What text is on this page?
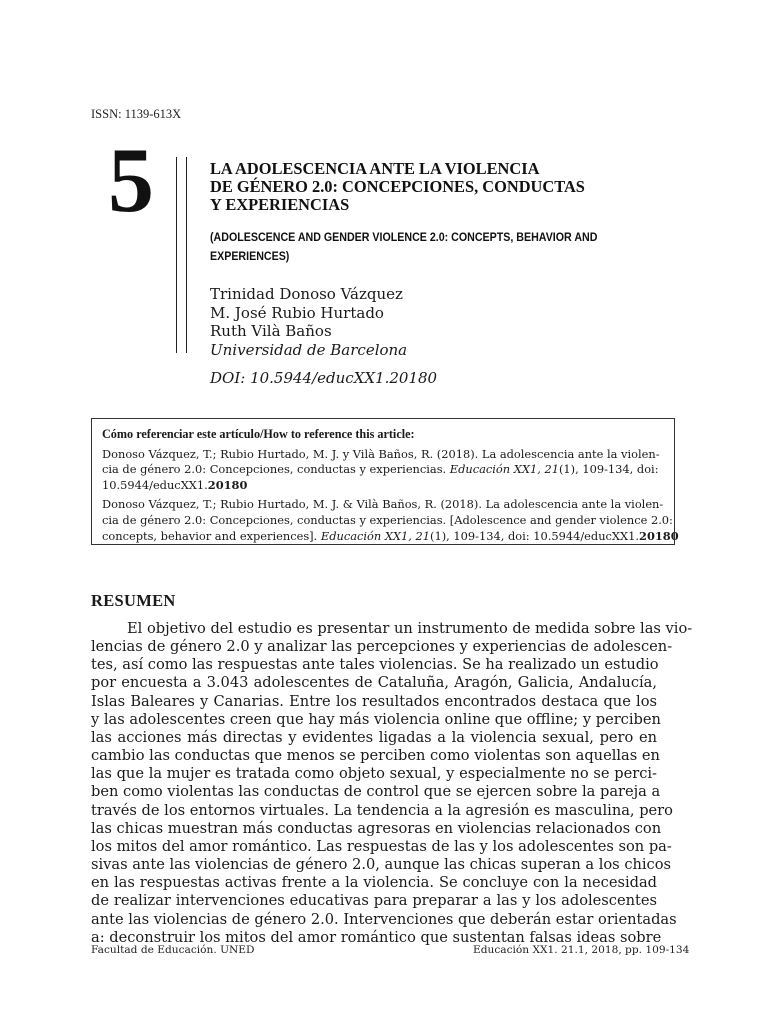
ISSN: 1139-613X
5	LA ADOLESCENCIA ANTE LA VIOLENCIA
DE GÉNERO 2.0: CONCEPCIONES, CONDUCTAS
Y EXPERIENCIAS
(ADOLESCENCE AND GENDER VIOLENCE 2.0: CONCEPTS, BEHAVIOR AND
EXPERIENCES)
Trinidad Donoso Vázquez
M. José Rubio Hurtado
Ruth Vilà Baños
Universidad de Barcelona
DOI: 10.5944/educXX1.20180
Cómo referenciar este artículo/How to reference this article:
Donoso Vázquez, T.; Rubio Hurtado, M. J. y Vilà Baños, R. (2018). La adolescencia ante la violen-
cia de género 2.0: Concepciones, conductas y experiencias. Educación XX1, 21(1), 109-134, doi:
10.5944/educXX1.20180
Donoso Vázquez, T.; Rubio Hurtado, M. J. & Vilà Baños, R. (2018). La adolescencia ante la violen-
cia de género 2.0: Concepciones, conductas y experiencias. [Adolescence and gender violence 2.0:
concepts, behavior and experiences]. Educación XX1, 21(1), 109-134, doi: 10.5944/educXX1.20180
RESUMEN
El objetivo del estudio es presentar un instrumento de medida sobre las vio-
lencias de género 2.0 y analizar las percepciones y experiencias de adolescen-
tes, así como las respuestas ante tales violencias. Se ha realizado un estudio
por encuesta a 3.043 adolescentes de Cataluña, Aragón, Galicia, Andalucía,
Islas Baleares y Canarias. Entre los resultados encontrados destaca que los
y las adolescentes creen que hay más violencia online que offline; y perciben
las acciones más directas y evidentes ligadas a la violencia sexual, pero en
cambio las conductas que menos se perciben como violentas son aquellas en
las que la mujer es tratada como objeto sexual, y especialmente no se perci-
ben como violentas las conductas de control que se ejercen sobre la pareja a
través de los entornos virtuales. La tendencia a la agresión es masculina, pero
las chicas muestran más conductas agresoras en violencias relacionados con
los mitos del amor romántico. Las respuestas de las y los adolescentes son pa-
sivas ante las violencias de género 2.0, aunque las chicas superan a los chicos
en las respuestas activas frente a la violencia. Se concluye con la necesidad
de realizar intervenciones educativas para preparar a las y los adolescentes
ante las violencias de género 2.0. Intervenciones que deberán estar orientadas
a: deconstruir los mitos del amor romántico que sustentan falsas ideas sobre
Facultad de Educación. UNED	Educación XX1. 21.1, 2018, pp. 109-134
